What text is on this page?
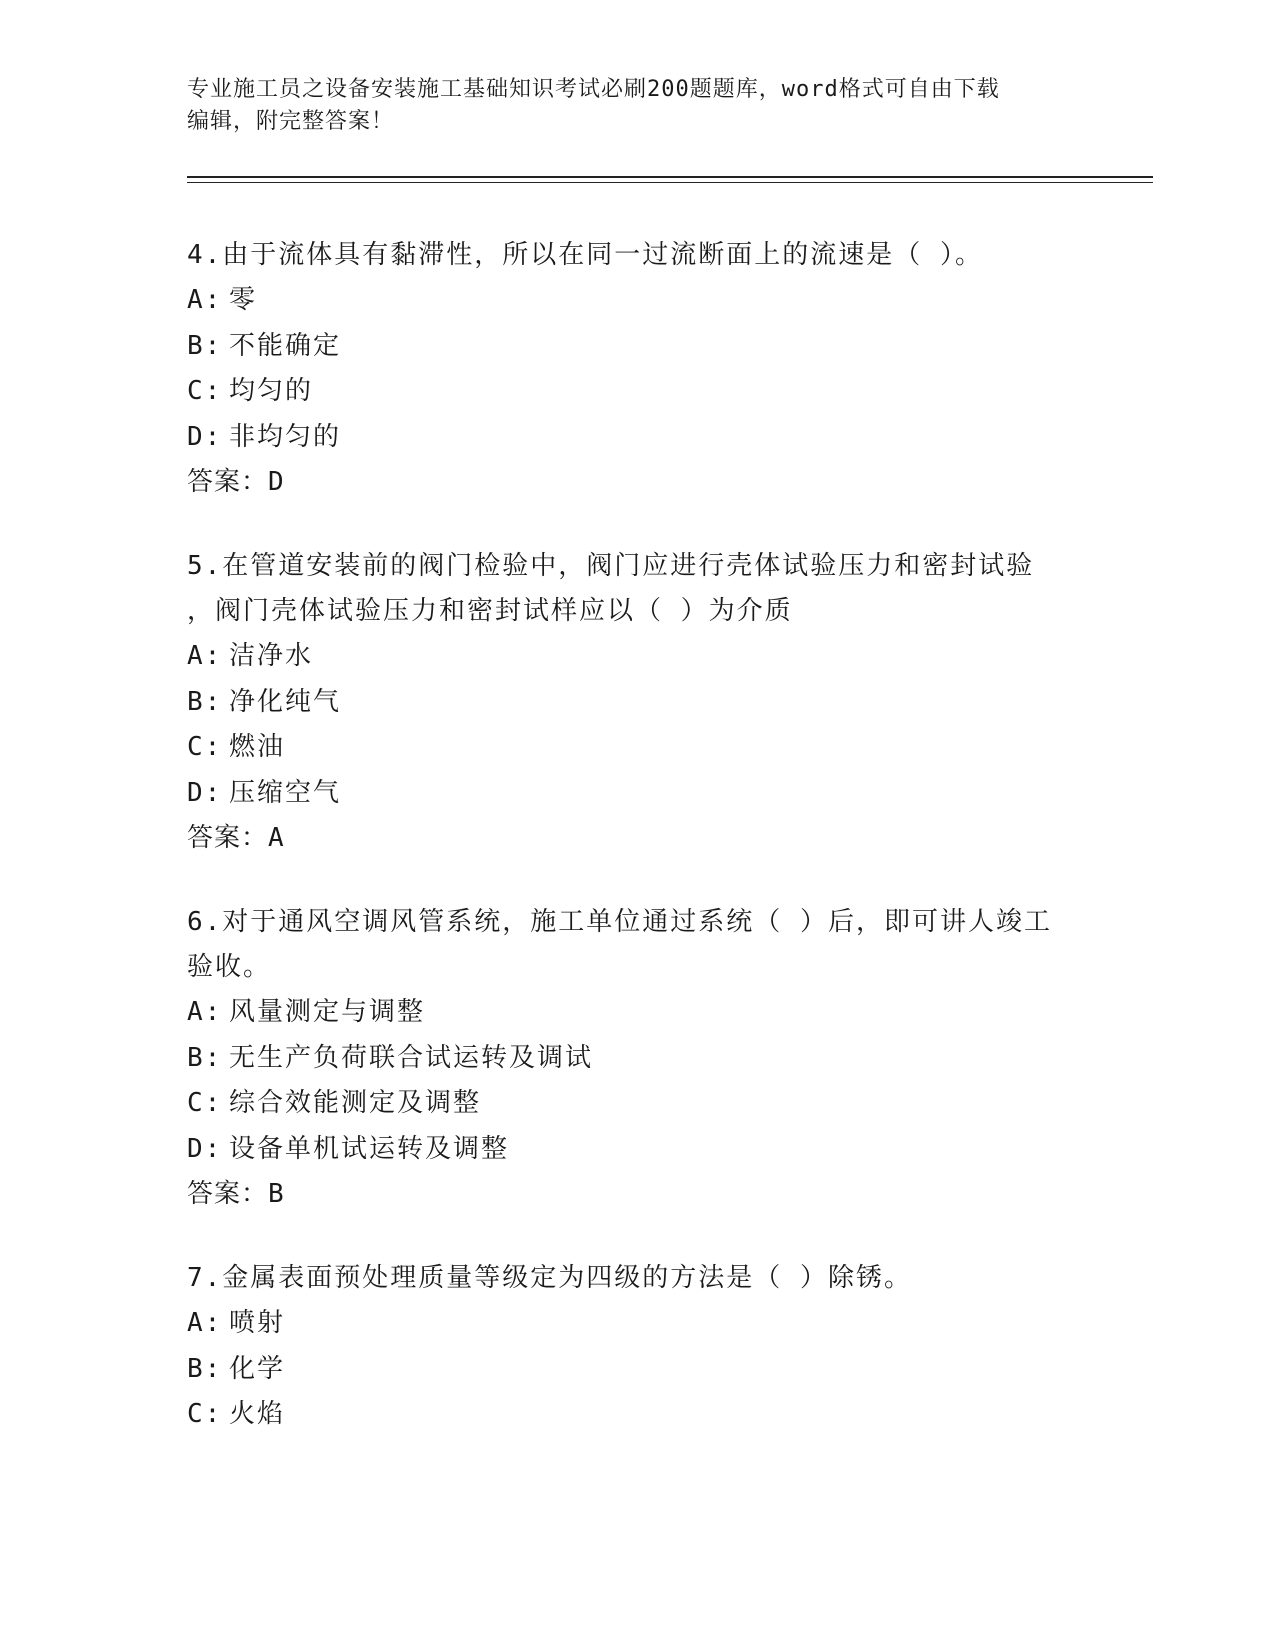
专业施工员之设备安装施工基础知识考试必刷200题题库，word格式可自由下载
编辑，附完整答案！

4.由于流体具有黏滞性，所以在同一过流断面上的流速是（ ）。

A: 零

B: 不能确定

C: 均匀的

D: 非均匀的

答案：D

5.在管道安装前的阀门检验中，阀门应进行壳体试验压力和密封试验

，阀门壳体试验压力和密封试样应以（ ）为介质

A: 洁净水

B: 净化纯气

C: 燃油

D: 压缩空气

答案：A

6.对于通风空调风管系统，施工单位通过系统（ ）后，即可讲人竣工

验收。

A: 风量测定与调整

B: 无生产负荷联合试运转及调试

C: 综合效能测定及调整

D: 设备单机试运转及调整

答案：B

7.金属表面预处理质量等级定为四级的方法是（ ）除锈。

A: 喷射

B: 化学

C: 火焰
